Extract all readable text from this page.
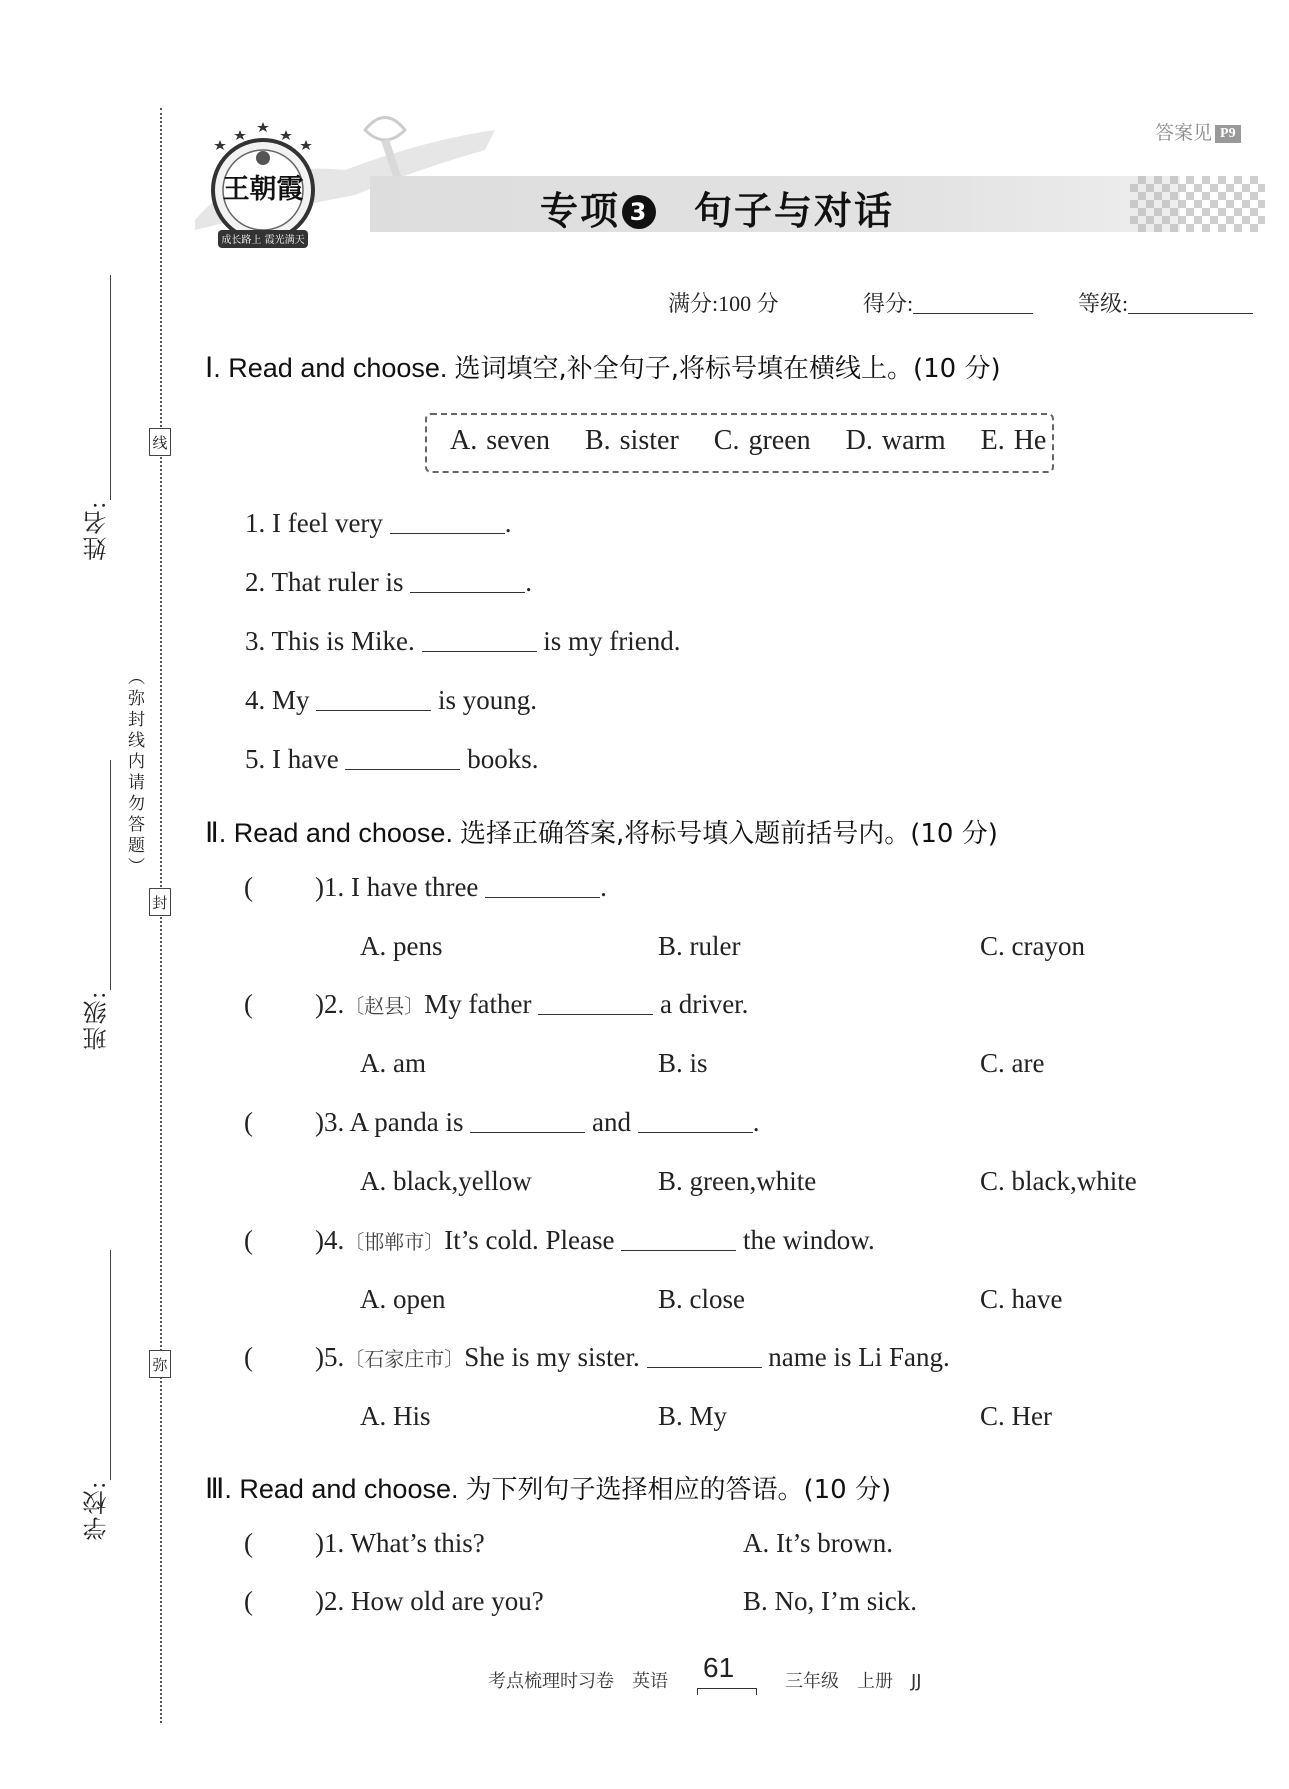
线
封
弥
（弥封线内请勿答题）
姓名:
班级:
学校:
答案见 P9
王朝霞
成长路上 霞光满天
专项 3 句子与对话
满分:100 分	得分:	等级:
Ⅰ. Read and choose. 选词填空,补全句子,将标号填在横线上。(10 分)
A. seven B. sister C. green D. warm E. He
1. I feel very	.
2. That ruler is	.
3. This is Mike.	is my friend.
4. My	is young.
5. I have	books.
Ⅱ. Read and choose. 选择正确答案,将标号填入题前括号内。(10 分)
( )1. I have three	.
A. pens	B. ruler	C. crayon
( )2.〔赵县〕My father	a driver.
A. am	B. is	C. are
( )3. A panda is	and	.
A. black,yellow	B. green,white	C. black,white
( )4.〔邯郸市〕It’s cold. Please	the window.
A. open	B. close	C. have
( )5.〔石家庄市〕She is my sister.	name is Li Fang.
A. His	B. My	C. Her
Ⅲ. Read and choose. 为下列句子选择相应的答语。(10 分)
( )1. What’s this?	A. It’s brown.
( )2. How old are you?	B. No, I’m sick.
考点梳理时习卷　英语 61	三年级　上册　JJ
